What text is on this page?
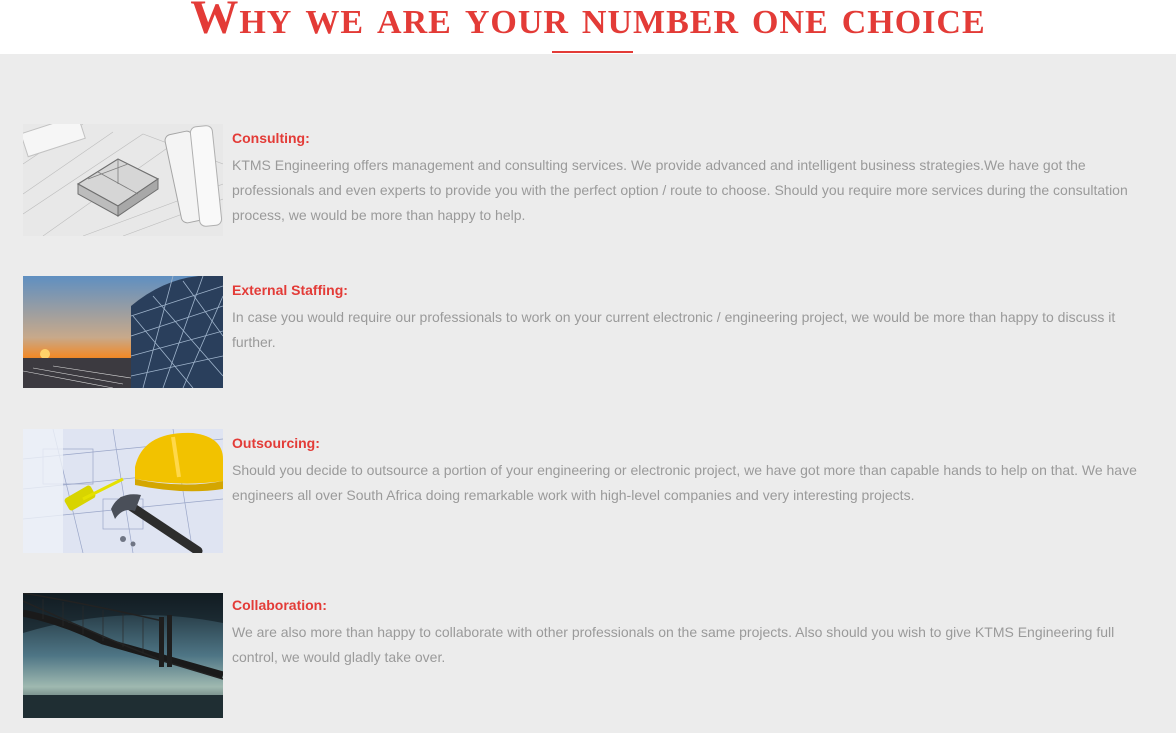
Why we are your number one choice

Consulting:

KTMS Engineering offers management and consulting services. We provide advanced and intelligent business strategies.We have got the professionals and even experts to provide you with the perfect option / route to choose. Should you require more services during the consultation process, we would be more than happy to help.

External Staffing:

In case you would require our professionals to work on your current electronic / engineering project, we would be more than happy to discuss it further.

Outsourcing:

Should you decide to outsource a portion of your engineering or electronic project, we have got more than capable hands to help on that. We have engineers all over South Africa doing remarkable work with high-level companies and very interesting projects.

Collaboration:

We are also more than happy to collaborate with other professionals on the same projects. Also should you wish to give KTMS Engineering full control, we would gladly take over.
